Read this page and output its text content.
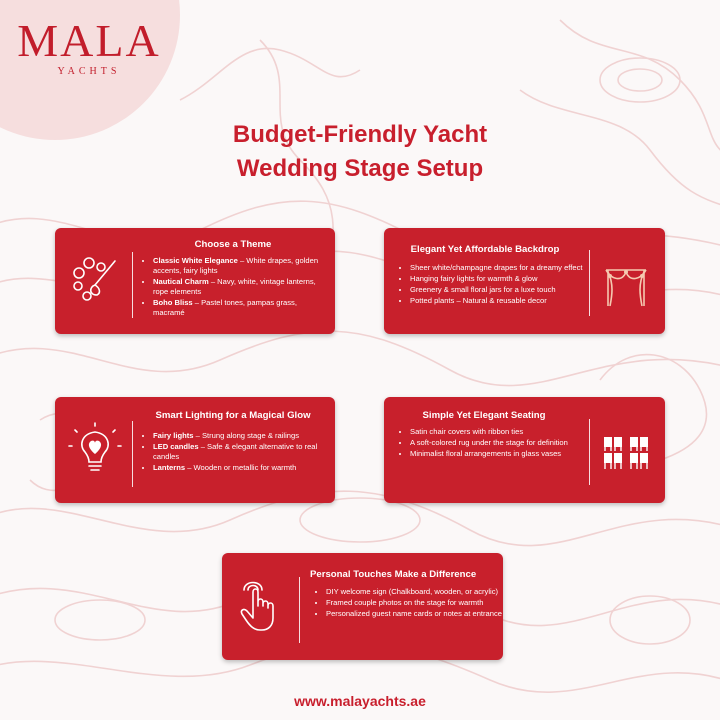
MALA
YACHTS
Budget-Friendly Yacht
Wedding Stage Setup
Choose a Theme
• Classic White Elegance – White drapes, golden accents, fairy lights
• Nautical Charm – Navy, white, vintage lanterns, rope elements
• Boho Bliss – Pastel tones, pampas grass, macramé
Elegant Yet Affordable Backdrop
• Sheer white/champagne drapes for a dreamy effect
• Hanging fairy lights for warmth & glow
• Greenery & small floral jars for a luxe touch
• Potted plants – Natural & reusable decor
Smart Lighting for a Magical Glow
• Fairy lights – Strung along stage & railings
• LED candles – Safe & elegant alternative to real candles
• Lanterns – Wooden or metallic for warmth
Simple Yet Elegant Seating
• Satin chair covers with ribbon ties
• A soft-colored rug under the stage for definition
• Minimalist floral arrangements in glass vases
Personal Touches Make a Difference
• DIY welcome sign (Chalkboard, wooden, or acrylic)
• Framed couple photos on the stage for warmth
• Personalized guest name cards or notes at entrance
www.malayachts.ae
